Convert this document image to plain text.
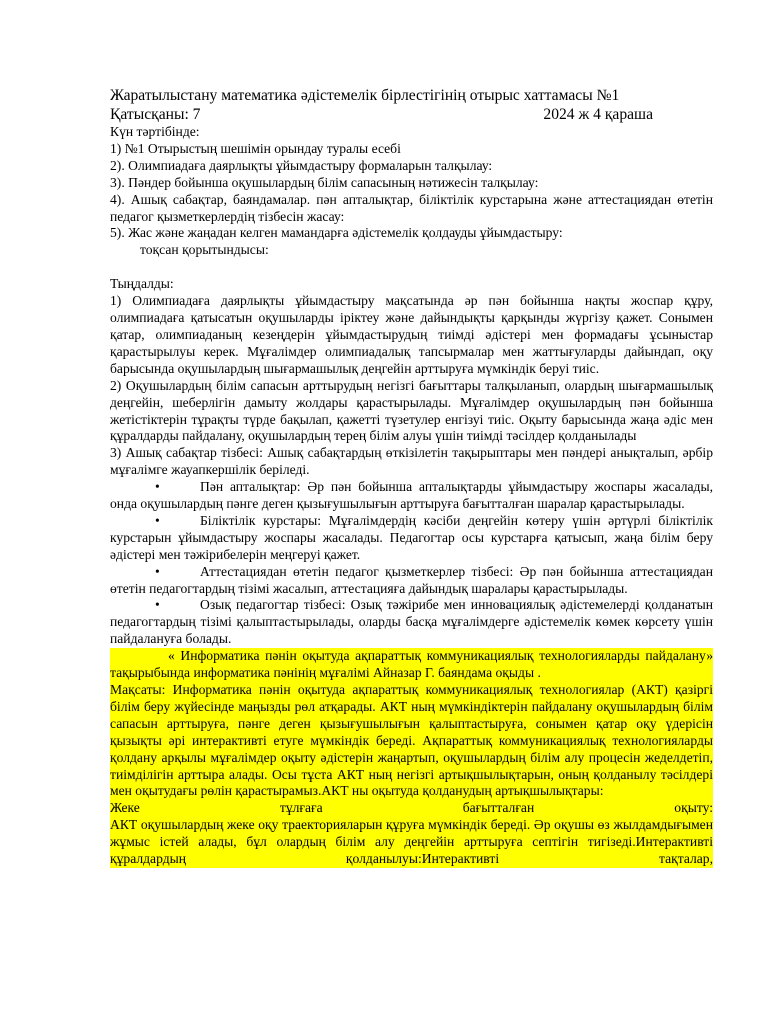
Жаратылыстану математика әдістемелік бірлестігінің отырыс хаттамасы №1
Қатысқаны: 7	2024 ж 4 қараша
Күн тәртібінде:
1) №1 Отырыстың шешімін орындау туралы есебі
2). Олимпиадаға даярлықты ұйымдастыру формаларын талқылау:
3). Пәндер бойынша оқушылардың білім сапасының нәтижесін талқылау:

4). Ашық сабақтар, баяндамалар. пән апталықтар, біліктілік курстарына және аттестациядан өтетін педагог қызметкерлердің тізбесін жасау:

5). Жас және жаңадан келген мамандарға әдістемелік қолдауды ұйымдастыру:
тоқсан қорытындысы:
Тыңдалды:

1) Олимпиадаға даярлықты ұйымдастыру мақсатында әр пән бойынша нақты жоспар құру, олимпиадаға қатысатын оқушыларды іріктеу және дайындықты қарқынды жүргізу қажет. Сонымен қатар, олимпиаданың кезеңдерін ұйымдастырудың тиімді әдістері мен формадағы ұсыныстар қарастырылуы керек. Мұғалімдер олимпиадалық тапсырмалар мен жаттығуларды дайындап, оқу барысында оқушылардың шығармашылық деңгейін арттыруға мүмкіндік беруі тиіс.

2) Оқушылардың білім сапасын арттырудың негізгі бағыттары талқыланып, олардың шығармашылық деңгейін, шеберлігін дамыту жолдары қарастырылады. Мұғалімдер оқушылардың пән бойынша жетістіктерін тұрақты түрде бақылап, қажетті түзетулер енгізуі тиіс. Оқыту барысында жаңа әдіс мен құралдарды пайдалану, оқушылардың терең білім алуы үшін тиімді тәсілдер қолданылады

3) Ашық сабақтар тізбесі: Ашық сабақтардың өткізілетін тақырыптары мен пәндері анықталып, әрбір мұғалімге жауапкершілік беріледі.

•	Пән апталықтар: Әр пән бойынша апталықтарды ұйымдастыру жоспары жасалады, онда оқушылардың пәнге деген қызығушылығын арттыруға бағытталған шаралар қарастырылады.

•	Біліктілік курстары: Мұғалімдердің кәсіби деңгейін көтеру үшін әртүрлі біліктілік курстарын ұйымдастыру жоспары жасалады. Педагогтар осы курстарға қатысып, жаңа білім беру әдістері мен тәжірибелерін меңгеруі қажет.

•	Аттестациядан өтетін педагог қызметкерлер тізбесі: Әр пән бойынша аттестациядан өтетін педагогтардың тізімі жасалып, аттестацияға дайындық шаралары қарастырылады.

•	Озық педагогтар тізбесі: Озық тәжірибе мен инновациялық әдістемелерді қолданатын педагогтардың тізімі қалыптастырылады, оларды басқа мұғалімдерге әдістемелік көмек көрсету үшін пайдалануға болады.

« Информатика пәнін оқытуда ақпараттық коммуникациялық технологияларды пайдалану» тақырыбында информатика пәнінің мұғалімі Айназар Г. баяндама оқыды .

Мақсаты: Информатика пәнін оқытуда ақпараттық коммуникациялық технологиялар (АКТ) қазіргі білім беру жүйесінде маңызды рөл атқарады. АКТ ның мүмкіндіктерін пайдалану оқушылардың білім сапасын арттыруға, пәнге деген қызығушылығын қалыптастыруға, сонымен қатар оқу үдерісін қызықты әрі интерактивті етуге мүмкіндік береді. Ақпараттық коммуникациялық технологияларды қолдану арқылы мұғалімдер оқыту әдістерін жаңартып, оқушылардың білім алу процесін жеделдетіп, тиімділігін арттыра алады. Осы тұста АКТ ның негізгі артықшылықтарын, оның қолданылу тәсілдері мен оқытудағы рөлін қарастырамыз.АКТ ны оқытуда қолданудың артықшылықтары:

Жеке тұлғаға бағытталған оқыту:

АКТ оқушылардың жеке оқу траекторияларын құруға мүмкіндік береді. Әр оқушы өз жылдамдығымен жұмыс істей алады, бұл олардың білім алу деңгейін арттыруға септігін тигізеді.Интерактивті құралдардың қолданылуы:Интерактивті тақталар,
